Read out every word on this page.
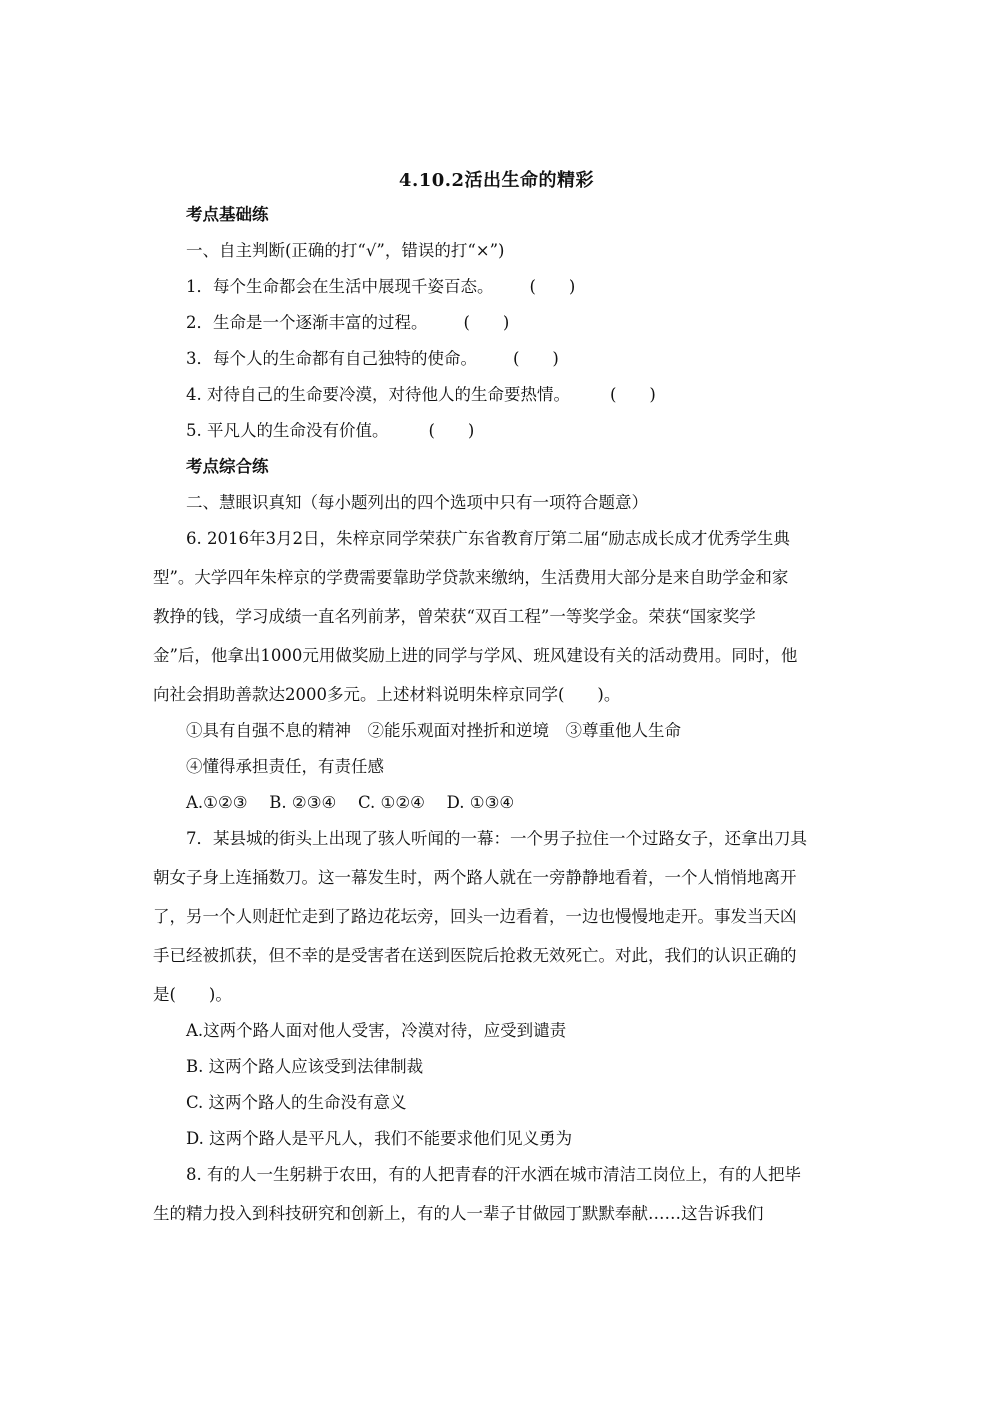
4.10.2活出生命的精彩
考点基础练
一、自主判断(正确的打“√”，错误的打“×”)
1．每个生命都会在生活中展现千姿百态。 (　　)
2．生命是一个逐渐丰富的过程。 (　　)
3．每个人的生命都有自己独特的使命。 (　　)
4. 对待自己的生命要冷漠，对待他人的生命要热情。 (　　)
5. 平凡人的生命没有价值。 (　　)
考点综合练
二、慧眼识真知（每小题列出的四个选项中只有一项符合题意）
6. 2016年3月2日，朱梓京同学荣获广东省教育厅第二届“励志成长成才优秀学生典
型”。大学四年朱梓京的学费需要靠助学贷款来缴纳，生活费用大部分是来自助学金和家
教挣的钱，学习成绩一直名列前茅，曾荣获“双百工程”一等奖学金。荣获“国家奖学
金”后，他拿出1000元用做奖励上进的同学与学风、班风建设有关的活动费用。同时，他
向社会捐助善款达2000多元。上述材料说明朱梓京同学(　　)。
①具有自强不息的精神　②能乐观面对挫折和逆境　③尊重他人生命
④懂得承担责任，有责任感
A.①②③　 B. ②③④　 C. ①②④　 D. ①③④
7．某县城的街头上出现了骇人听闻的一幕：一个男子拉住一个过路女子，还拿出刀具
朝女子身上连捅数刀。这一幕发生时，两个路人就在一旁静静地看着，一个人悄悄地离开
了，另一个人则赶忙走到了路边花坛旁，回头一边看着，一边也慢慢地走开。事发当天凶
手已经被抓获，但不幸的是受害者在送到医院后抢救无效死亡。对此，我们的认识正确的
是(　　)。
A.这两个路人面对他人受害，冷漠对待，应受到谴责
B. 这两个路人应该受到法律制裁
C. 这两个路人的生命没有意义
D. 这两个路人是平凡人，我们不能要求他们见义勇为
8. 有的人一生躬耕于农田，有的人把青春的汗水洒在城市清洁工岗位上，有的人把毕
生的精力投入到科技研究和创新上，有的人一辈子甘做园丁默默奉献……这告诉我们
